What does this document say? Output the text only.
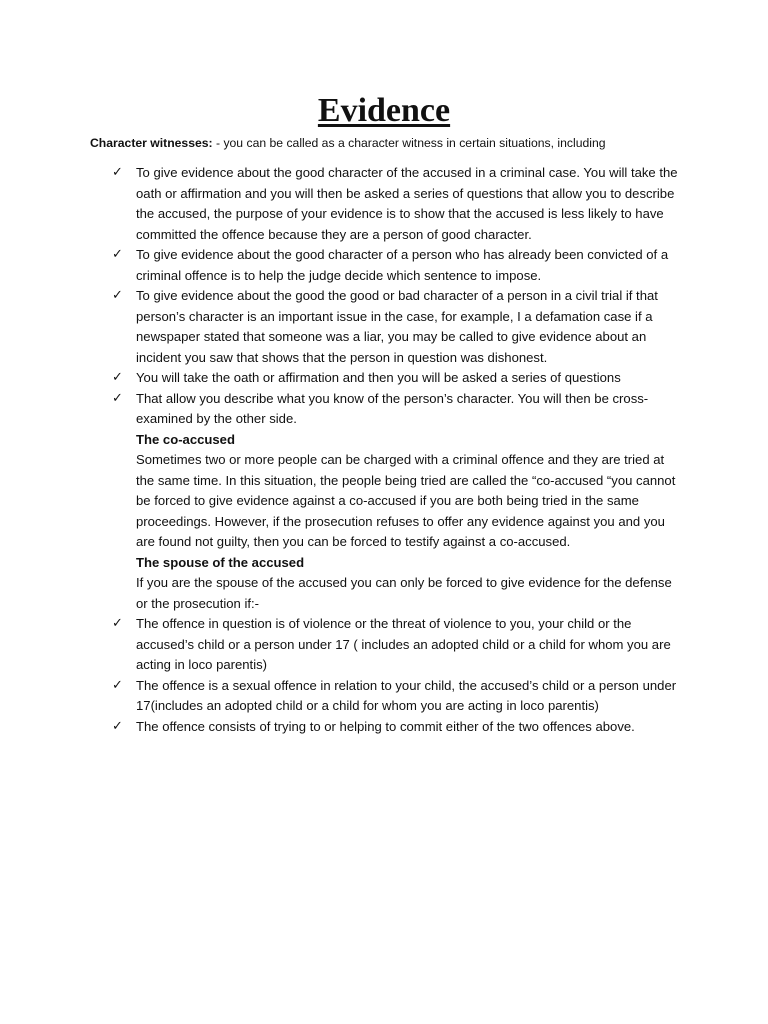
Evidence

Character witnesses: - you can be called as a character witness in certain situations, including

✓ To give evidence about the good character of the accused in a criminal case. You will take the oath or affirmation and you will then be asked a series of questions that allow you to describe the accused, the purpose of your evidence is to show that the accused is less likely to have committed the offence because they are a person of good character.
✓ To give evidence about the good character of a person who has already been convicted of a criminal offence is to help the judge decide which sentence to impose.
✓ To give evidence about the good the good or bad character of a person in a civil trial if that person’s character is an important issue in the case, for example, I a defamation case if a newspaper stated that someone was a liar, you may be called to give evidence about an incident you saw that shows that the person in question was dishonest.
✓ You will take the oath or affirmation and then you will be asked a series of questions
✓ That allow you describe what you know of the person’s character. You will then be cross-examined by the other side.
The co-accused
Sometimes two or more people can be charged with a criminal offence and they are tried at the same time. In this situation, the people being tried are called the “co-accused “you cannot be forced to give evidence against a co-accused if you are both being tried in the same proceedings. However, if the prosecution refuses to offer any evidence against you and you are found not guilty, then you can be forced to testify against a co-accused.
The spouse of the accused
If you are the spouse of the accused you can only be forced to give evidence for the defense or the prosecution if:-
✓ The offence in question is of violence or the threat of violence to you, your child or the accused’s child or a person under 17 ( includes an adopted child or a child for whom you are acting in loco parentis)
✓ The offence is a sexual offence in relation to your child, the accused’s child or a person under 17(includes an adopted child or a child for whom you are acting in loco parentis)
✓ The offence consists of trying to or helping to commit either of the two offences above.
